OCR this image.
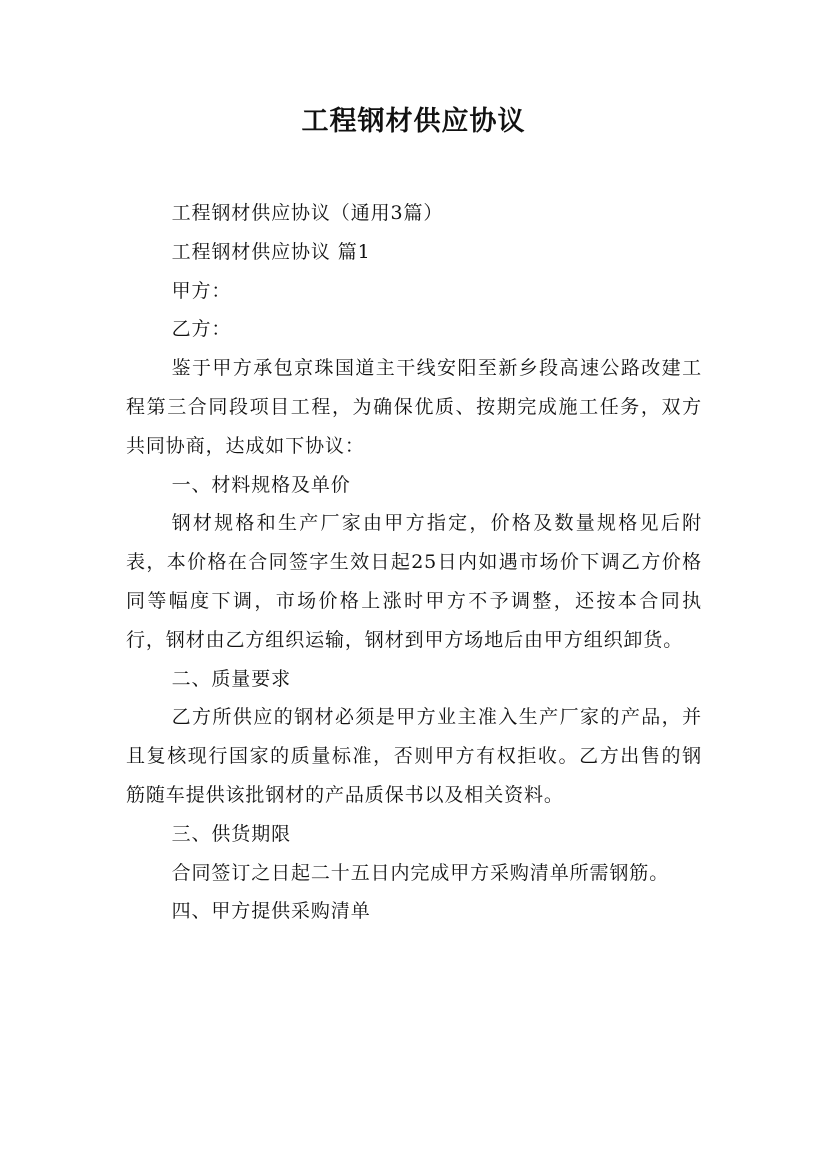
工程钢材供应协议

工程钢材供应协议（通用3篇）

工程钢材供应协议 篇1

甲方：

乙方：

鉴于甲方承包京珠国道主干线安阳至新乡段高速公路改建工程第三合同段项目工程，为确保优质、按期完成施工任务，双方共同协商，达成如下协议：

一、材料规格及单价

钢材规格和生产厂家由甲方指定，价格及数量规格见后附表，本价格在合同签字生效日起25日内如遇市场价下调乙方价格同等幅度下调，市场价格上涨时甲方不予调整，还按本合同执行，钢材由乙方组织运输，钢材到甲方场地后由甲方组织卸货。

二、质量要求

乙方所供应的钢材必须是甲方业主准入生产厂家的产品，并且复核现行国家的质量标准，否则甲方有权拒收。乙方出售的钢筋随车提供该批钢材的产品质保书以及相关资料。

三、供货期限

合同签订之日起二十五日内完成甲方采购清单所需钢筋。

四、甲方提供采购清单
